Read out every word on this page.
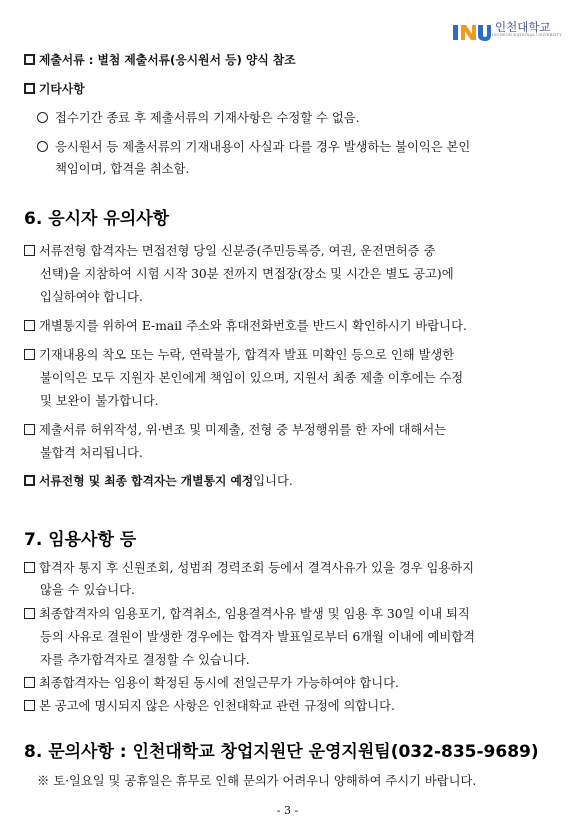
인천대학교
INCHEON NATIONAL UNIVERSITY
제출서류 : 별첨 제출서류(응시원서 등) 양식 참조
기타사항
접수기간 종료 후 제출서류의 기재사항은 수정할 수 없음.
응시원서 등 제출서류의 기재내용이 사실과 다를 경우 발생하는 불이익은 본인
책임이며, 합격을 취소함.
6. 응시자 유의사항
서류전형 합격자는 면접전형 당일 신분증(주민등록증, 여권, 운전면허증 중
선택)을 지참하여 시험 시작 30분 전까지 면접장(장소 및 시간은 별도 공고)에
입실하여야 합니다.
개별통지를 위하여 E-mail 주소와 휴대전화번호를 반드시 확인하시기 바랍니다.
기재내용의 착오 또는 누락, 연락불가, 합격자 발표 미확인 등으로 인해 발생한
불이익은 모두 지원자 본인에게 책임이 있으며, 지원서 최종 제출 이후에는 수정
및 보완이 불가합니다.
제출서류 허위작성, 위·변조 및 미제출, 전형 중 부정행위를 한 자에 대해서는
불합격 처리됩니다.
서류전형 및 최종 합격자는 개별통지 예정입니다.
7. 임용사항 등
합격자 통지 후 신원조회, 성범죄 경력조회 등에서 결격사유가 있을 경우 임용하지
않을 수 있습니다.
최종합격자의 임용포기, 합격취소, 임용결격사유 발생 및 임용 후 30일 이내 퇴직
등의 사유로 결원이 발생한 경우에는 합격자 발표일로부터 6개월 이내에 예비합격
자를 추가합격자로 결정할 수 있습니다.
최종합격자는 임용이 확정된 동시에 전일근무가 가능하여야 합니다.
본 공고에 명시되지 않은 사항은 인천대학교 관련 규정에 의합니다.
8. 문의사항 : 인천대학교 창업지원단 운영지원팀(032-835-9689)
※ 토·일요일 및 공휴일은 휴무로 인해 문의가 어려우니 양해하여 주시기 바랍니다.
- 3 -
